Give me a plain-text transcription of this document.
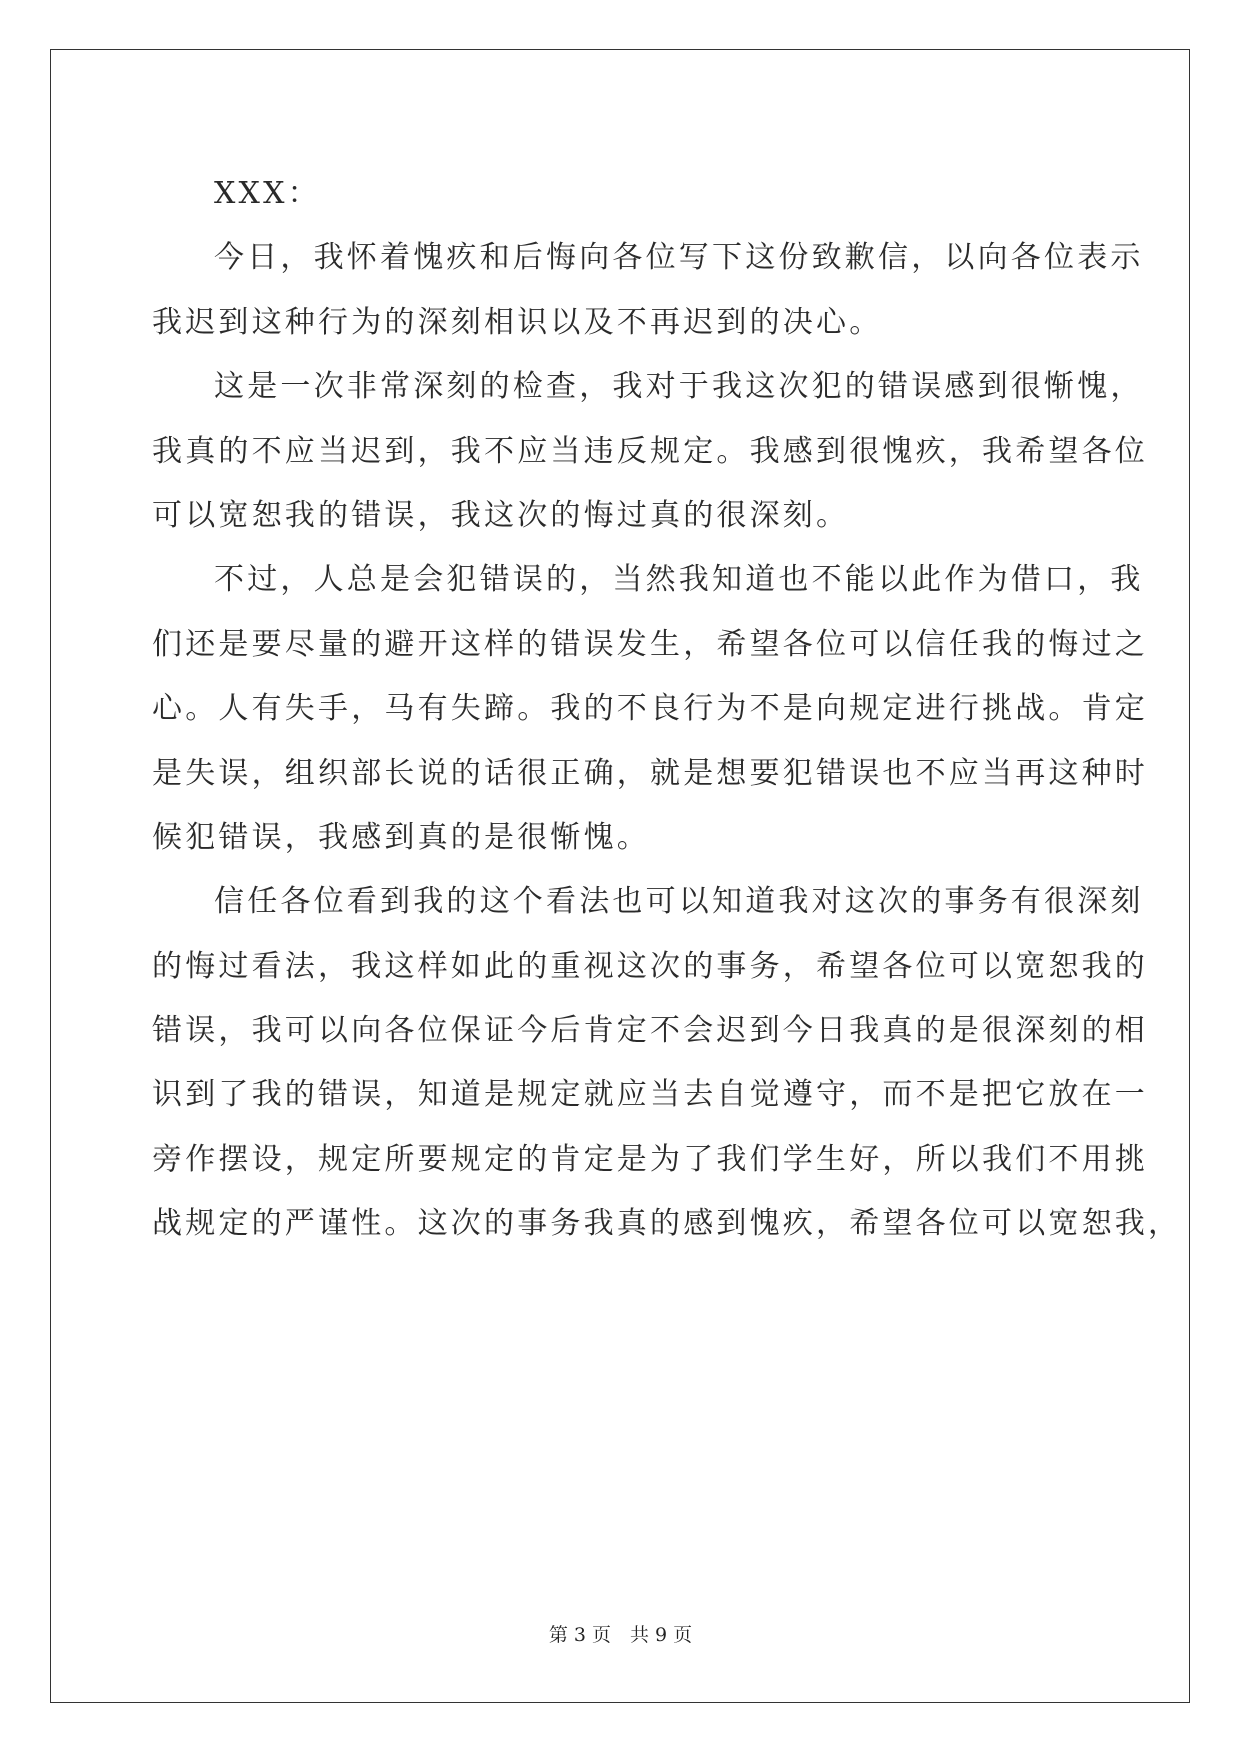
XXX：
今日，我怀着愧疚和后悔向各位写下这份致歉信，以向各位表示
我迟到这种行为的深刻相识以及不再迟到的决心。
这是一次非常深刻的检查，我对于我这次犯的错误感到很惭愧，
我真的不应当迟到，我不应当违反规定。我感到很愧疚，我希望各位
可以宽恕我的错误，我这次的悔过真的很深刻。
不过，人总是会犯错误的，当然我知道也不能以此作为借口，我
们还是要尽量的避开这样的错误发生，希望各位可以信任我的悔过之
心。人有失手，马有失蹄。我的不良行为不是向规定进行挑战。肯定
是失误，组织部长说的话很正确，就是想要犯错误也不应当再这种时
候犯错误，我感到真的是很惭愧。
信任各位看到我的这个看法也可以知道我对这次的事务有很深刻
的悔过看法，我这样如此的重视这次的事务，希望各位可以宽恕我的
错误，我可以向各位保证今后肯定不会迟到今日我真的是很深刻的相
识到了我的错误，知道是规定就应当去自觉遵守，而不是把它放在一
旁作摆设，规定所要规定的肯定是为了我们学生好，所以我们不用挑
战规定的严谨性。这次的事务我真的感到愧疚，希望各位可以宽恕我，
第 3 页　共 9 页
